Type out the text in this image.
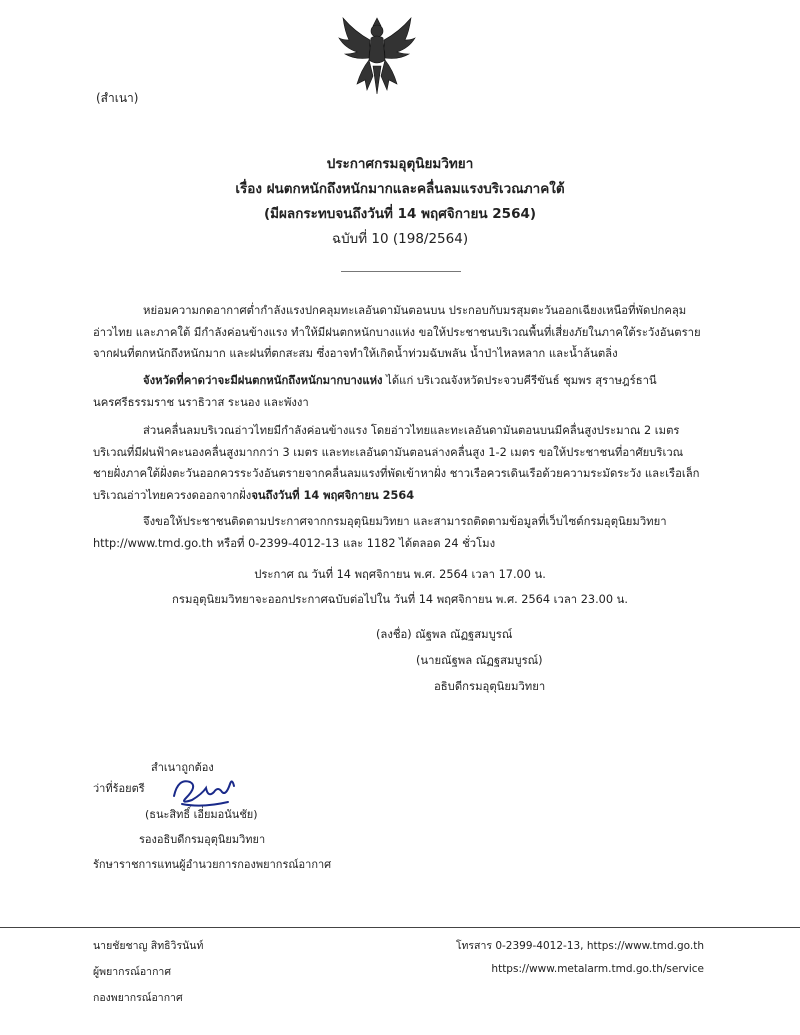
(สำเนา)
ประกาศกรมอุตุนิยมวิทยา
เรื่อง ฝนตกหนักถึงหนักมากและคลื่นลมแรงบริเวณภาคใต้
(มีผลกระทบจนถึงวันที่ 14 พฤศจิกายน 2564)
ฉบับที่ 10 (198/2564)
หย่อมความกดอากาศต่ำกำลังแรงปกคลุมทะเลอันดามันตอนบน ประกอบกับมรสุมตะวันออกเฉียงเหนือที่พัดปกคลุม
อ่าวไทย และภาคใต้ มีกำลังค่อนข้างแรง ทำให้มีฝนตกหนักบางแห่ง ขอให้ประชาชนบริเวณพื้นที่เสี่ยงภัยในภาคใต้ระวังอันตราย
จากฝนที่ตกหนักถึงหนักมาก และฝนที่ตกสะสม ซึ่งอาจทำให้เกิดน้ำท่วมฉับพลัน น้ำป่าไหลหลาก และน้ำล้นตลิ่ง
จังหวัดที่คาดว่าจะมีฝนตกหนักถึงหนักมากบางแห่ง ได้แก่ บริเวณจังหวัดประจวบคีรีขันธ์ ชุมพร สุราษฎร์ธานี
นครศรีธรรมราช นราธิวาส ระนอง และพังงา
ส่วนคลื่นลมบริเวณอ่าวไทยมีกำลังค่อนข้างแรง โดยอ่าวไทยและทะเลอันดามันตอนบนมีคลื่นสูงประมาณ 2 เมตร
บริเวณที่มีฝนฟ้าคะนองคลื่นสูงมากกว่า 3 เมตร และทะเลอันดามันตอนล่างคลื่นสูง 1-2 เมตร ขอให้ประชาชนที่อาศัยบริเวณ
ชายฝั่งภาคใต้ฝั่งตะวันออกควรระวังอันตรายจากคลื่นลมแรงที่พัดเข้าหาฝั่ง ชาวเรือควรเดินเรือด้วยความระมัดระวัง และเรือเล็ก
บริเวณอ่าวไทยควรงดออกจากฝั่งจนถึงวันที่ 14 พฤศจิกายน 2564
จึงขอให้ประชาชนติดตามประกาศจากกรมอุตุนิยมวิทยา และสามารถติดตามข้อมูลที่เว็บไซต์กรมอุตุนิยมวิทยา
http://www.tmd.go.th หรือที่ 0-2399-4012-13 และ 1182 ได้ตลอด 24 ชั่วโมง
ประกาศ ณ วันที่ 14 พฤศจิกายน พ.ศ. 2564 เวลา 17.00 น.
กรมอุตุนิยมวิทยาจะออกประกาศฉบับต่อไปใน วันที่ 14 พฤศจิกายน พ.ศ. 2564 เวลา 23.00 น.
(ลงชื่อ) ณัฐพล ณัฏฐสมบูรณ์
(นายณัฐพล ณัฏฐสมบูรณ์)
อธิบดีกรมอุตุนิยมวิทยา
สำเนาถูกต้อง
ว่าที่ร้อยตรี
(ธนะสิทธิ์ เอี่ยมอนันชัย)
รองอธิบดีกรมอุตุนิยมวิทยา
รักษาราชการแทนผู้อำนวยการกองพยากรณ์อากาศ
นายชัยชาญ สิทธิวิรนันท์
ผู้พยากรณ์อากาศ
กองพยากรณ์อากาศ
โทรสาร 0-2399-4012-13, https://www.tmd.go.th
https://www.metalarm.tmd.go.th/service
